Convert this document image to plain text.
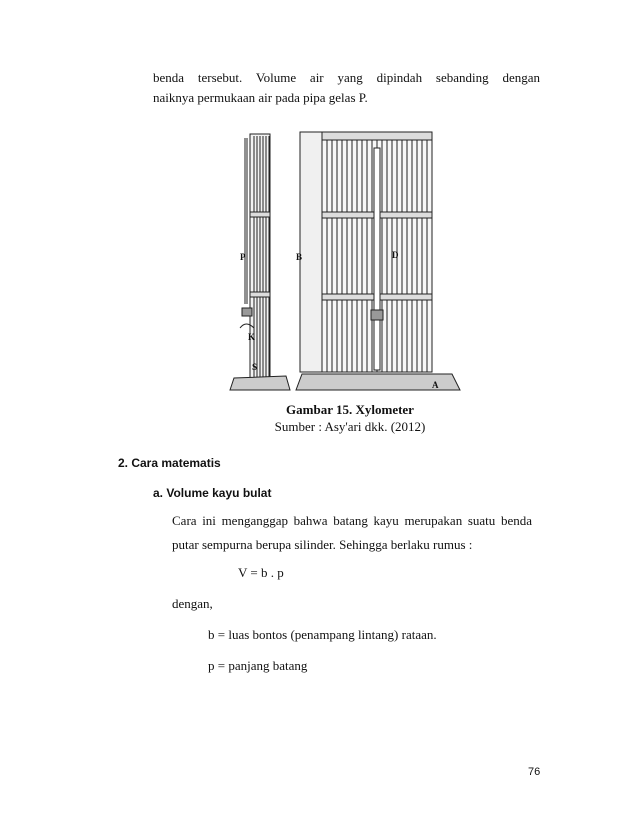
benda tersebut. Volume air yang dipindah sebanding dengan
naiknya permukaan air pada pipa gelas P.
P	B
K
S
A
D
Gambar 15. Xylometer
Sumber : Asy'ari dkk. (2012)
2. Cara matematis
a. Volume kayu bulat
Cara ini menganggap bahwa batang kayu merupakan suatu benda
putar sempurna berupa silinder. Sehingga berlaku rumus :
V = b . p
dengan,
b = luas bontos (penampang lintang) rataan.
p = panjang batang
76
